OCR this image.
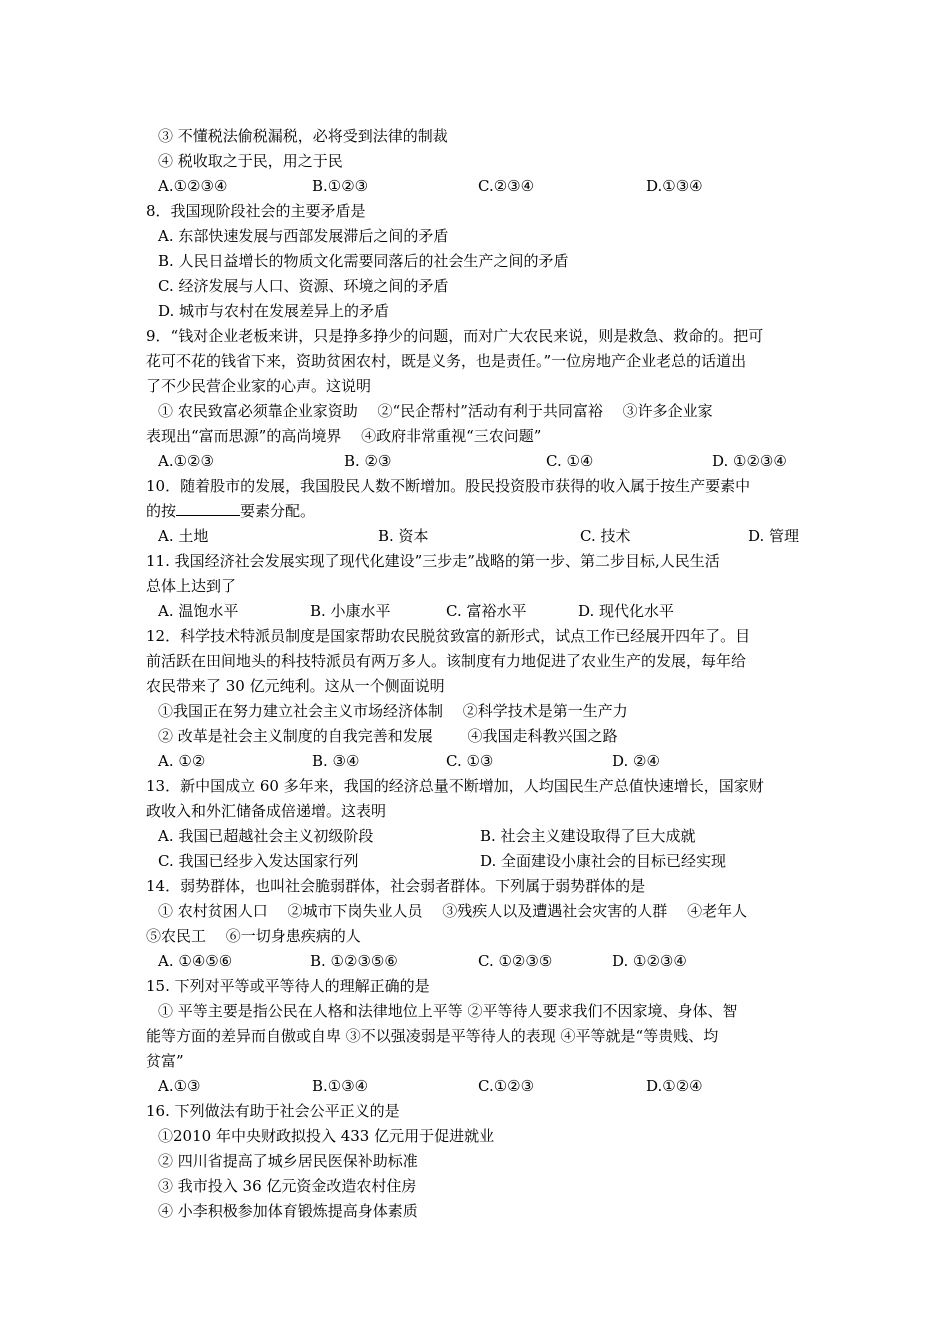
③ 不懂税法偷税漏税，必将受到法律的制裁
④ 税收取之于民，用之于民
A.①②③④	B.①②③	C.②③④	D.①③④
8．我国现阶段社会的主要矛盾是
A. 东部快速发展与西部发展滞后之间的矛盾
B. 人民日益增长的物质文化需要同落后的社会生产之间的矛盾
C. 经济发展与人口、资源、环境之间的矛盾
D. 城市与农村在发展差异上的矛盾
9．“钱对企业老板来讲，只是挣多挣少的问题，而对广大农民来说，则是救急、救命的。把可
花可不花的钱省下来，资助贫困农村，既是义务，也是责任。”一位房地产企业老总的话道出
了不少民营企业家的心声。这说明
① 农民致富必须靠企业家资助　 ②“民企帮村”活动有利于共同富裕　 ③许多企业家
表现出“富而思源”的高尚境界　 ④政府非常重视“三农问题”
A.①②③	B. ②③	C. ①④	D. ①②③④
10．随着股市的发展，我国股民人数不断增加。股民投资股市获得的收入属于按生产要素中
的按	要素分配。
A. 土地	B. 资本	C. 技术	D. 管理
11. 我国经济社会发展实现了现代化建设”三步走”战略的第一步、第二步目标,人民生活
总体上达到了
A. 温饱水平	B. 小康水平	C. 富裕水平	D. 现代化水平
12．科学技术特派员制度是国家帮助农民脱贫致富的新形式，试点工作已经展开四年了。目
前活跃在田间地头的科技特派员有两万多人。该制度有力地促进了农业生产的发展，每年给
农民带来了 30 亿元纯利。这从一个侧面说明
①我国正在努力建立社会主义市场经济体制　 ②科学技术是第一生产力
② 改革是社会主义制度的自我完善和发展　　 ④我国走科教兴国之路
A. ①②	B. ③④	C. ①③	D. ②④
13．新中国成立 60 多年来，我国的经济总量不断增加，人均国民生产总值快速增长，国家财
政收入和外汇储备成倍递增。这表明
A. 我国已超越社会主义初级阶段	B. 社会主义建设取得了巨大成就
C. 我国已经步入发达国家行列	D. 全面建设小康社会的目标已经实现
14．弱势群体，也叫社会脆弱群体，社会弱者群体。下列属于弱势群体的是
① 农村贫困人口　 ②城市下岗失业人员　 ③残疾人以及遭遇社会灾害的人群　 ④老年人
⑤农民工　 ⑥一切身患疾病的人
A. ①④⑤⑥	B. ①②③⑤⑥	C. ①②③⑤	D. ①②③④
15. 下列对平等或平等待人的理解正确的是
① 平等主要是指公民在人格和法律地位上平等 ②平等待人要求我们不因家境、身体、智
能等方面的差异而自傲或自卑 ③不以强凌弱是平等待人的表现 ④平等就是“等贵贱、均
贫富”
A.①③	B.①③④	C.①②③	D.①②④
16. 下列做法有助于社会公平正义的是
①2010 年中央财政拟投入 433 亿元用于促进就业
② 四川省提高了城乡居民医保补助标准
③ 我市投入 36 亿元资金改造农村住房
④ 小李积极参加体育锻炼提高身体素质
